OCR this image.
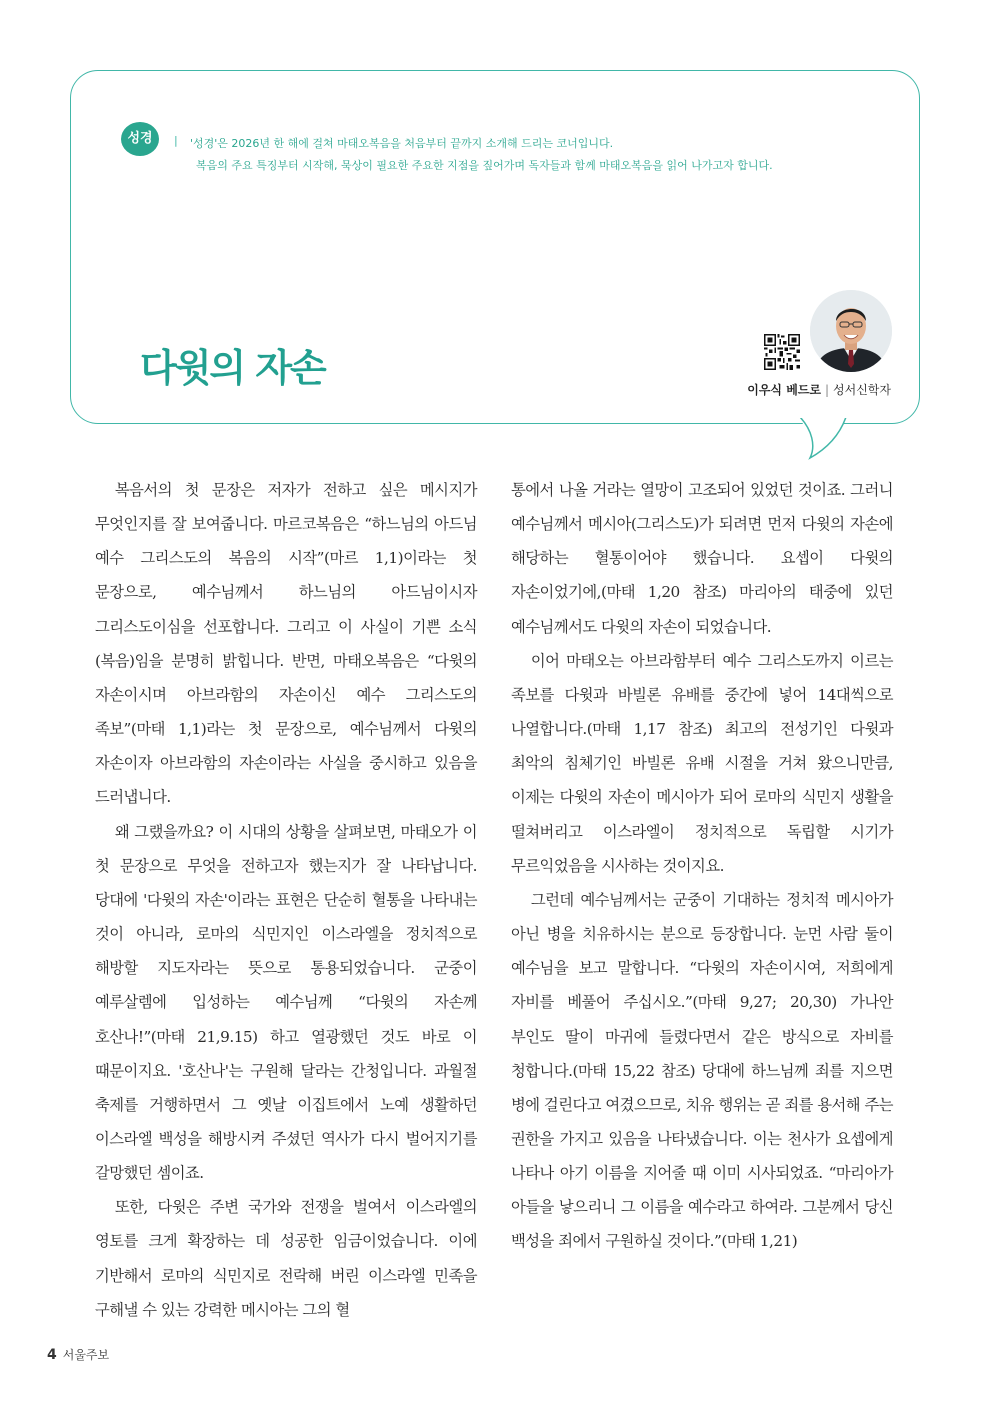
성경	| '성경'은 2026년 한 해에 걸쳐 마태오복음을 처음부터 끝까지 소개해 드리는 코너입니다.
복음의 주요 특징부터 시작해, 묵상이 필요한 주요한 지점을 짚어가며 독자들과 함께 마태오복음을 읽어 나가고자 합니다.
다윗의 자손	이우식 베드로 | 성서신학자

복음서의 첫 문장은 저자가 전하고 싶은 메시지가 무엇인지를 잘 보여줍니다. 마르코복음은 “하느님의 아드님 예수 그리스도의 복음의 시작”(마르 1,1)이라는 첫 문장으로, 예수님께서 하느님의 아드님이시자 그리스도이심을 선포합니다. 그리고 이 사실이 기쁜 소식(복음)임을 분명히 밝힙니다. 반면, 마태오복음은 “다윗의 자손이시며 아브라함의 자손이신 예수 그리스도의 족보”(마태 1,1)라는 첫 문장으로, 예수님께서 다윗의 자손이자 아브라함의 자손이라는 사실을 중시하고 있음을 드러냅니다.

왜 그랬을까요? 이 시대의 상황을 살펴보면, 마태오가 이 첫 문장으로 무엇을 전하고자 했는지가 잘 나타납니다. 당대에 '다윗의 자손'이라는 표현은 단순히 혈통을 나타내는 것이 아니라, 로마의 식민지인 이스라엘을 정치적으로 해방할 지도자라는 뜻으로 통용되었습니다. 군중이 예루살렘에 입성하는 예수님께 “다윗의 자손께 호산나!”(마태 21,9.15) 하고 열광했던 것도 바로 이 때문이지요. '호산나'는 구원해 달라는 간청입니다. 과월절 축제를 거행하면서 그 옛날 이집트에서 노예 생활하던 이스라엘 백성을 해방시켜 주셨던 역사가 다시 벌어지기를 갈망했던 셈이죠.

또한, 다윗은 주변 국가와 전쟁을 벌여서 이스라엘의 영토를 크게 확장하는 데 성공한 임금이었습니다. 이에 기반해서 로마의 식민지로 전락해 버린 이스라엘 민족을 구해낼 수 있는 강력한 메시아는 그의 혈

통에서 나올 거라는 열망이 고조되어 있었던 것이죠. 그러니 예수님께서 메시아(그리스도)가 되려면 먼저 다윗의 자손에 해당하는 혈통이어야 했습니다. 요셉이 다윗의 자손이었기에,(마태 1,20 참조) 마리아의 태중에 있던 예수님께서도 다윗의 자손이 되었습니다.

이어 마태오는 아브라함부터 예수 그리스도까지 이르는 족보를 다윗과 바빌론 유배를 중간에 넣어 14대씩으로 나열합니다.(마태 1,17 참조) 최고의 전성기인 다윗과 최악의 침체기인 바빌론 유배 시절을 거쳐 왔으니만큼, 이제는 다윗의 자손이 메시아가 되어 로마의 식민지 생활을 떨쳐버리고 이스라엘이 정치적으로 독립할 시기가 무르익었음을 시사하는 것이지요.

그런데 예수님께서는 군중이 기대하는 정치적 메시아가 아닌 병을 치유하시는 분으로 등장합니다. 눈먼 사람 둘이 예수님을 보고 말합니다. “다윗의 자손이시여, 저희에게 자비를 베풀어 주십시오.”(마태 9,27; 20,30) 가나안 부인도 딸이 마귀에 들렸다면서 같은 방식으로 자비를 청합니다.(마태 15,22 참조) 당대에 하느님께 죄를 지으면 병에 걸린다고 여겼으므로, 치유 행위는 곧 죄를 용서해 주는 권한을 가지고 있음을 나타냈습니다. 이는 천사가 요셉에게 나타나 아기 이름을 지어줄 때 이미 시사되었죠. “마리아가 아들을 낳으리니 그 이름을 예수라고 하여라. 그분께서 당신 백성을 죄에서 구원하실 것이다.”(마태 1,21)

4 서울주보
